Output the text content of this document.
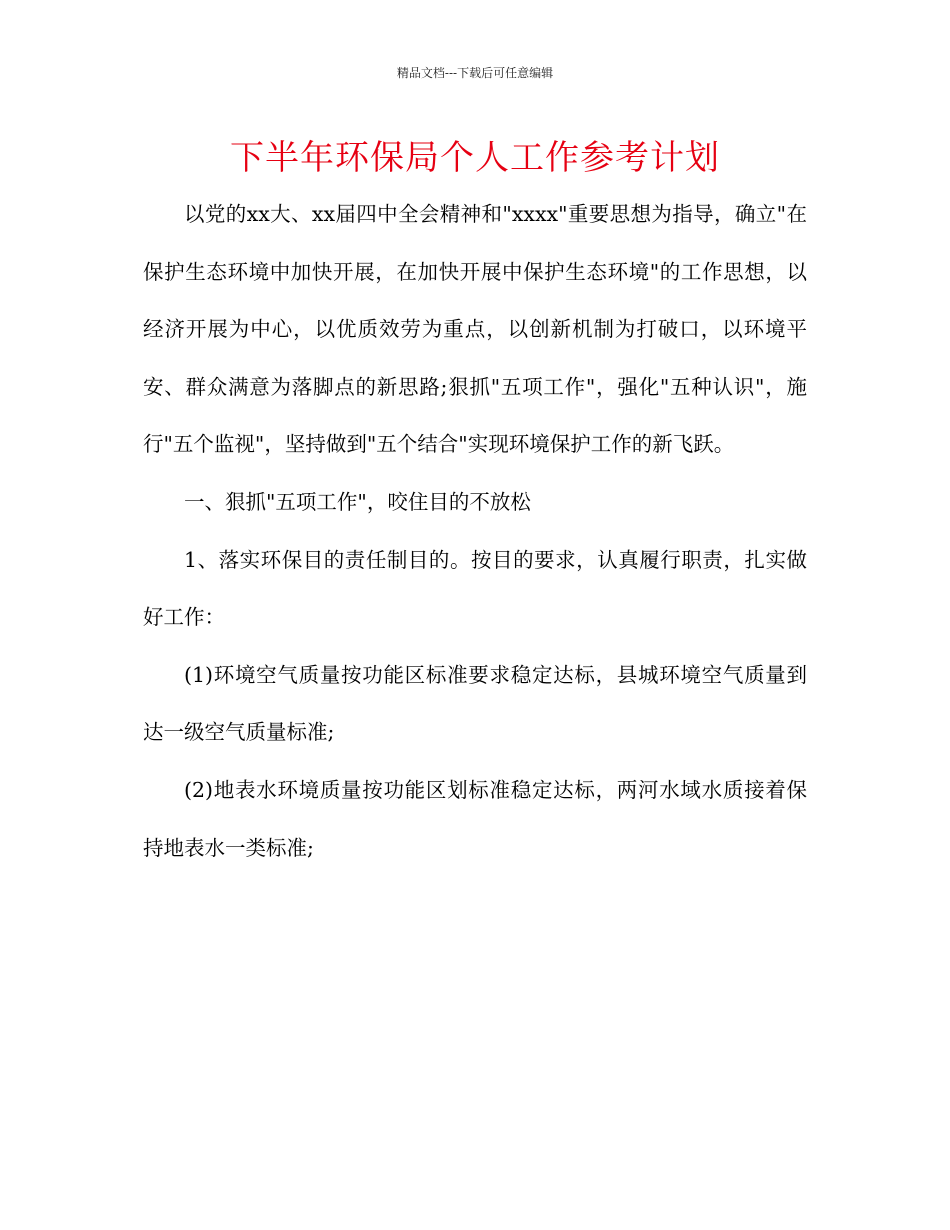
精品文档---下载后可任意编辑
下半年环保局个人工作参考计划

以党的xx大、xx届四中全会精神和"xxxx"重要思想为指导，确立"在保护生态环境中加快开展，在加快开展中保护生态环境"的工作思想，以经济开展为中心，以优质效劳为重点，以创新机制为打破口，以环境平安、群众满意为落脚点的新思路;狠抓"五项工作"，强化"五种认识"，施行"五个监视"，坚持做到"五个结合"实现环境保护工作的新飞跃。

一、狠抓"五项工作"，咬住目的不放松

1、落实环保目的责任制目的。按目的要求，认真履行职责，扎实做好工作：

(1)环境空气质量按功能区标准要求稳定达标，县城环境空气质量到达一级空气质量标准;

(2)地表水环境质量按功能区划标准稳定达标，两河水域水质接着保持地表水一类标准;
